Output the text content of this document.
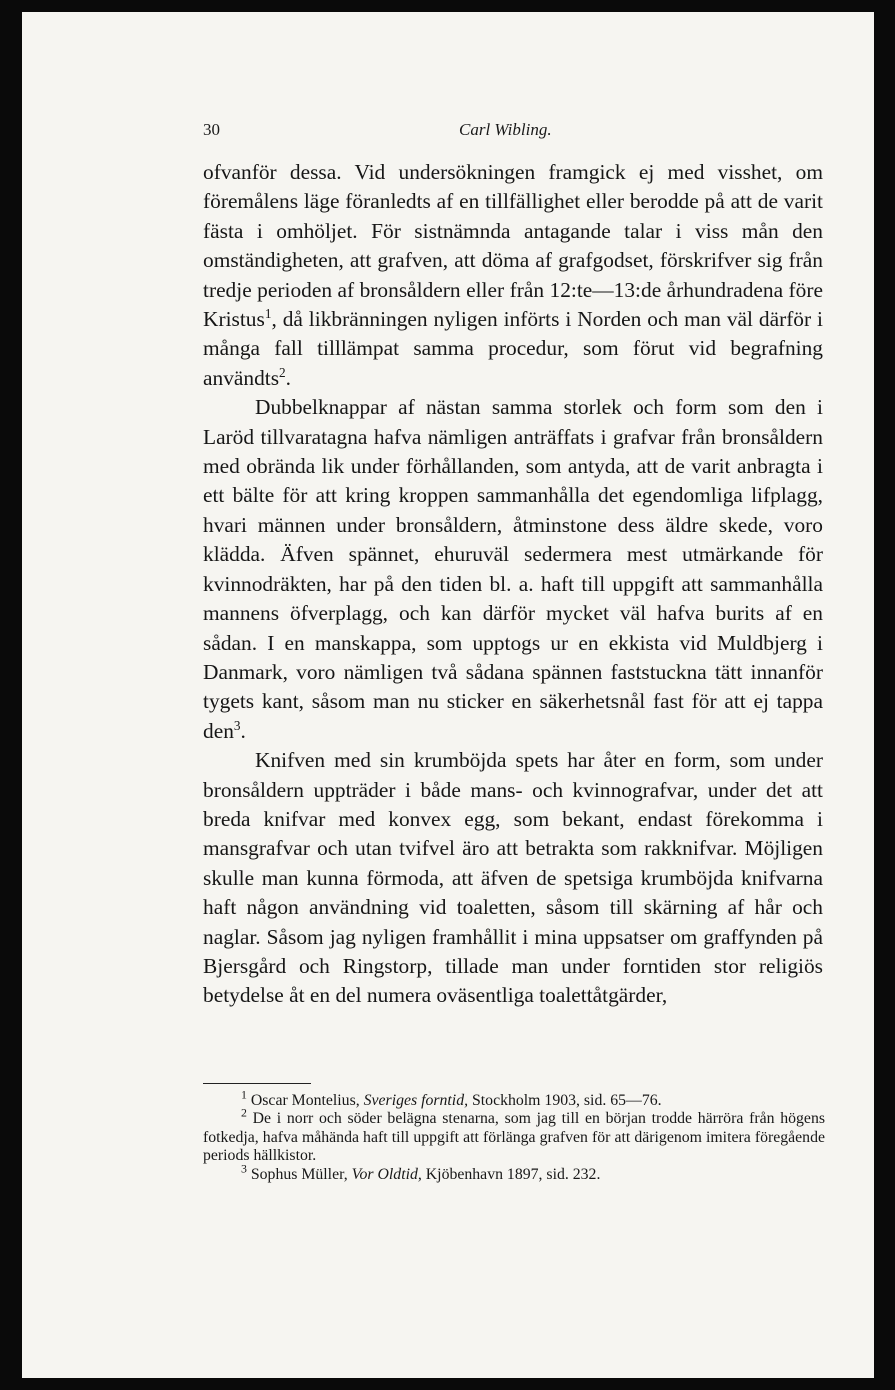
30	Carl Wibling.

ofvanför dessa. Vid undersökningen framgick ej med visshet, om föremålens läge föranledts af en tillfällighet eller berodde på att de varit fästa i omhöljet. För sistnämnda antagande talar i viss mån den omständigheten, att grafven, att döma af grafgodset, förskrifver sig från tredje perioden af bronsåldern eller från 12:te—13:de århundradena före Kristus$^1$, då likbränningen nyligen införts i Norden och man väl därför i många fall tilllämpat samma procedur, som förut vid begrafning användts$^2$.

Dubbelknappar af nästan samma storlek och form som den i Laröd tillvaratagna hafva nämligen anträffats i grafvar från bronsåldern med obrända lik under förhållanden, som antyda, att de varit anbragta i ett bälte för att kring kroppen sammanhålla det egendomliga lifplagg, hvari männen under bronsåldern, åtminstone dess äldre skede, voro klädda. Äfven spännet, ehuruväl sedermera mest utmärkande för kvinnodräkten, har på den tiden bl. a. haft till uppgift att sammanhålla mannens öfverplagg, och kan därför mycket väl hafva burits af en sådan. I en manskappa, som upptogs ur en ekkista vid Muldbjerg i Danmark, voro nämligen två sådana spännen faststuckna tätt innanför tygets kant, såsom man nu sticker en säkerhetsnål fast för att ej tappa den$^3$.

Knifven med sin krumböjda spets har åter en form, som under bronsåldern uppträder i både mans- och kvinnografvar, under det att breda knifvar med konvex egg, som bekant, endast förekomma i mansgrafvar och utan tvifvel äro att betrakta som rakknifvar. Möjligen skulle man kunna förmoda, att äfven de spetsiga krumböjda knifvarna haft någon användning vid toaletten, såsom till skärning af hår och naglar. Såsom jag nyligen framhållit i mina uppsatser om graffynden på Bjersgård och Ringstorp, tillade man under forntiden stor religiös betydelse åt en del numera oväsentliga toalettåtgärder,

$^1$ Oscar Montelius, Sveriges forntid, Stockholm 1903, sid. 65—76.

$^2$ De i norr och söder belägna stenarna, som jag till en början trodde härröra från högens fotkedja, hafva måhända haft till uppgift att förlänga grafven för att därigenom imitera föregående periods hällkistor.

$^3$ Sophus Müller, Vor Oldtid, Kjöbenhavn 1897, sid. 232.
